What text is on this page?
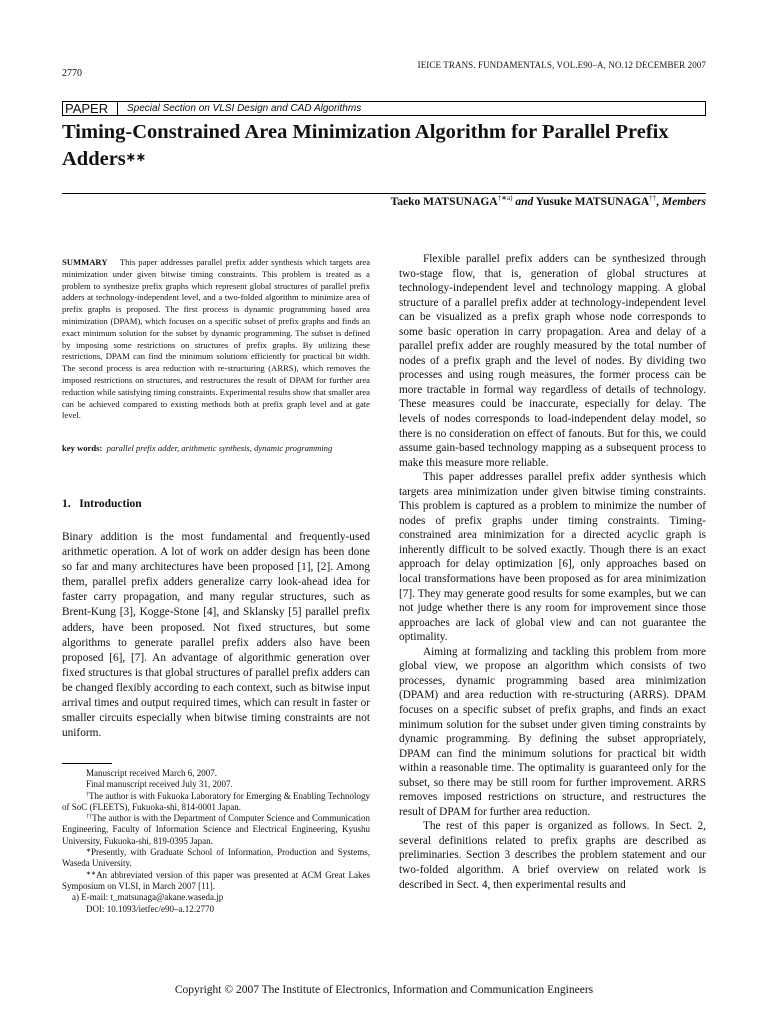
2770
IEICE TRANS. FUNDAMENTALS, VOL.E90–A, NO.12 DECEMBER 2007
PAPER Special Section on VLSI Design and CAD Algorithms
Timing-Constrained Area Minimization Algorithm for Parallel Prefix Adders∗∗
Taeko $MATSUNAGA^{\dagger∗a)}$ and Yusuke MATSUNAGA††, Members
SUMMARY This paper addresses parallel prefix adder synthesis which targets area minimization under given bitwise timing constraints. This problem is treated as a problem to synthesize prefix graphs which represent global structures of parallel prefix adders at technology-independent level, and a two-folded algorithm to minimize area of prefix graphs is proposed. The first process is dynamic programming based area minimization (DPAM), which focuses on a specific subset of prefix graphs and finds an exact minimum solution for the subset by dynamic programming. The subset is defined by imposing some restrictions on structures of prefix graphs. By utilizing these restrictions, DPAM can find the minimum solutions efficiently for practical bit width. The second process is area reduction with re-structuring (ARRS), which removes the imposed restrictions on structures, and restructures the result of DPAM for further area reduction while satisfying timing constraints. Experimental results show that smaller area can be achieved compared to existing methods both at prefix graph level and at gate level.
key words: parallel prefix adder, arithmetic synthesis, dynamic programming
1.   Introduction
Binary addition is the most fundamental and frequently-used arithmetic operation. A lot of work on adder design has been done so far and many architectures have been proposed [1], [2]. Among them, parallel prefix adders generalize carry look-ahead idea for faster carry propagation, and many regular structures, such as Brent-Kung [3], Kogge-Stone [4], and Sklansky [5] parallel prefix adders, have been proposed. Not fixed structures, but some algorithms to generate parallel prefix adders also have been proposed [6], [7]. An advantage of algorithmic generation over fixed structures is that global structures of parallel prefix adders can be changed flexibly according to each context, such as bitwise input arrival times and output required times, which can result in faster or smaller circuits especially when bitwise timing constraints are not uniform.

Manuscript received March 6, 2007.

Final manuscript received July 31, 2007.

†The author is with Fukuoka Laboratory for Emerging & Enabling Technology of SoC (FLEETS), Fukuoka-shi, 814-0001 Japan.

††The author is with the Department of Computer Science and Communication Engineering, Faculty of Information Science and Electrical Engineering, Kyushu University, Fukuoka-shi, 819-0395 Japan.

∗Presently, with Graduate School of Information, Production and Systems, Waseda University.

∗∗An abbreviated version of this paper was presented at ACM Great Lakes Symposium on VLSI, in March 2007 [11].

a) E-mail: t_matsunaga@akane.waseda.jp

DOI: 10.1093/ietfec/e90–a.12.2770

Flexible parallel prefix adders can be synthesized through two-stage flow, that is, generation of global structures at technology-independent level and technology mapping. A global structure of a parallel prefix adder at technology-independent level can be visualized as a prefix graph whose node corresponds to some basic operation in carry propagation. Area and delay of a parallel prefix adder are roughly measured by the total number of nodes of a prefix graph and the level of nodes. By dividing two processes and using rough measures, the former process can be more tractable in formal way regardless of details of technology. These measures could be inaccurate, especially for delay. The levels of nodes corresponds to load-independent delay model, so there is no consideration on effect of fanouts. But for this, we could assume gain-based technology mapping as a subsequent process to make this measure more reliable.

This paper addresses parallel prefix adder synthesis which targets area minimization under given bitwise timing constraints. This problem is captured as a problem to minimize the number of nodes of prefix graphs under timing constraints. Timing-constrained area minimization for a directed acyclic graph is inherently difficult to be solved exactly. Though there is an exact approach for delay optimization [6], only approaches based on local transformations have been proposed as for area minimization [7]. They may generate good results for some examples, but we can not judge whether there is any room for improvement since those approaches are lack of global view and can not guarantee the optimality.

Aiming at formalizing and tackling this problem from more global view, we propose an algorithm which consists of two processes, dynamic programming based area minimization (DPAM) and area reduction with re-structuring (ARRS). DPAM focuses on a specific subset of prefix graphs, and finds an exact minimum solution for the subset under given timing constraints by dynamic programming. By defining the subset appropriately, DPAM can find the minimum solutions for practical bit width within a reasonable time. The optimality is guaranteed only for the subset, so there may be still room for further improvement. ARRS removes imposed restrictions on structure, and restructures the result of DPAM for further area reduction.

The rest of this paper is organized as follows. In Sect. 2, several definitions related to prefix graphs are described as preliminaries. Section 3 describes the problem statement and our two-folded algorithm. A brief overview on related work is described in Sect. 4, then experimental results and

Copyright © 2007 The Institute of Electronics, Information and Communication Engineers
